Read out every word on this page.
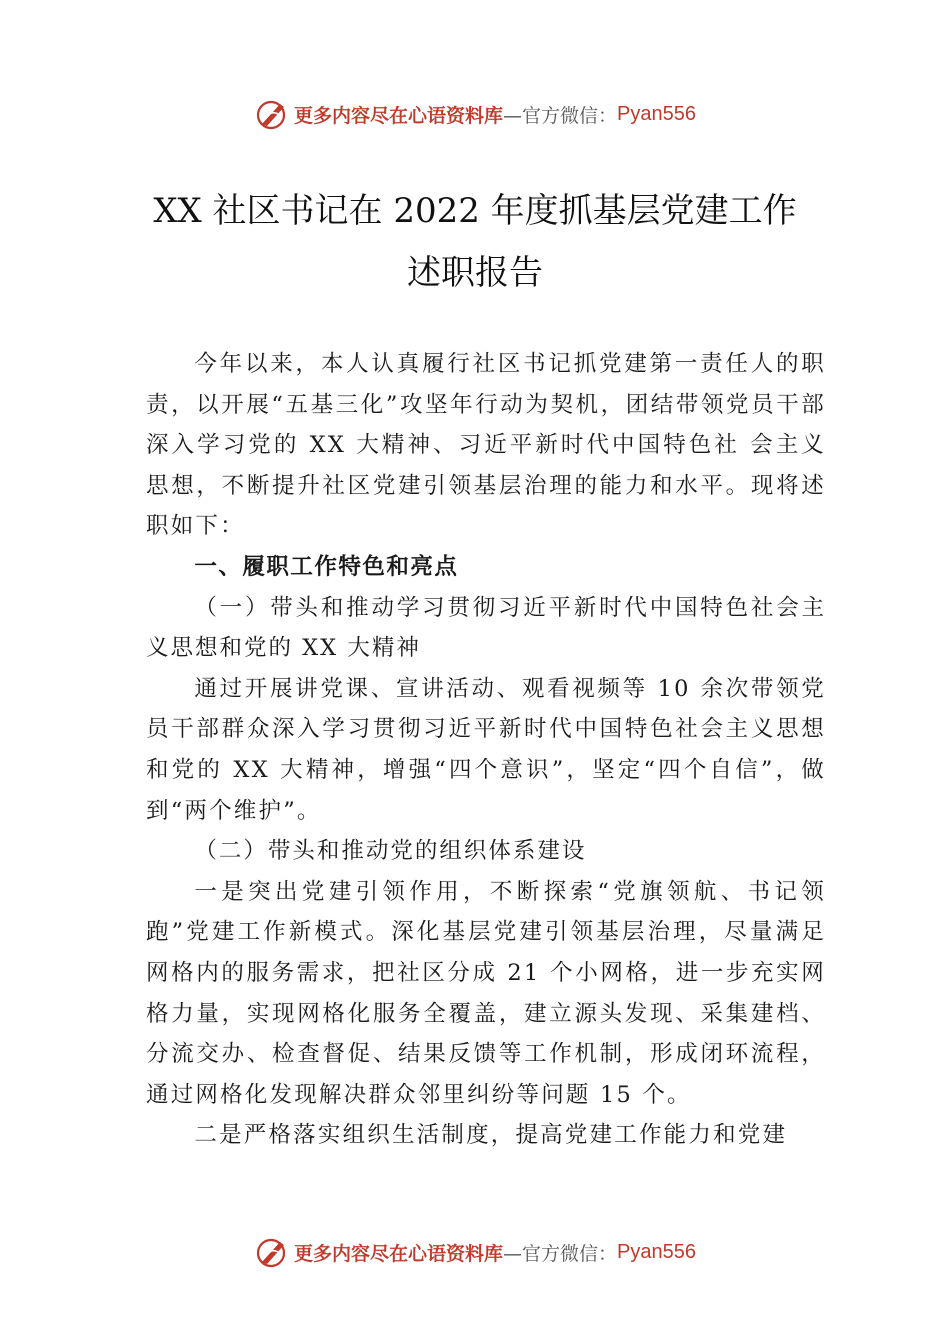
更多内容尽在心语资料库 —官方微信： Pyan556
XX 社区书记在 2022 年度抓基层党建工作
述职报告

今年以来，本人认真履行社区书记抓党建第一责任人的职责，以开展“五基三化”攻坚年行动为契机，团结带领党员干部深入学习党的 XX 大精神、习近平新时代中国特色社 会主义思想，不断提升社区党建引领基层治理的能力和水平。现将述职如下：

一、履职工作特色和亮点

（一）带头和推动学习贯彻习近平新时代中国特色社会主义思想和党的 XX 大精神

通过开展讲党课、宣讲活动、观看视频等 10 余次带领党员干部群众深入学习贯彻习近平新时代中国特色社会主义思想和党的 XX 大精神，增强“四个意识”，坚定“四个自信”，做到“两个维护”。

（二）带头和推动党的组织体系建设

一是突出党建引领作用，不断探索“党旗领航、书记领跑”党建工作新模式。深化基层党建引领基层治理，尽量满足网格内的服务需求，把社区分成 21 个小网格，进一步充实网格力量，实现网格化服务全覆盖，建立源头发现、采集建档、分流交办、检查督促、结果反馈等工作机制，形成闭环流程，通过网格化发现解决群众邻里纠纷等问题 15 个。

二是严格落实组织生活制度，提高党建工作能力和党建

更多内容尽在心语资料库 —官方微信： Pyan556
